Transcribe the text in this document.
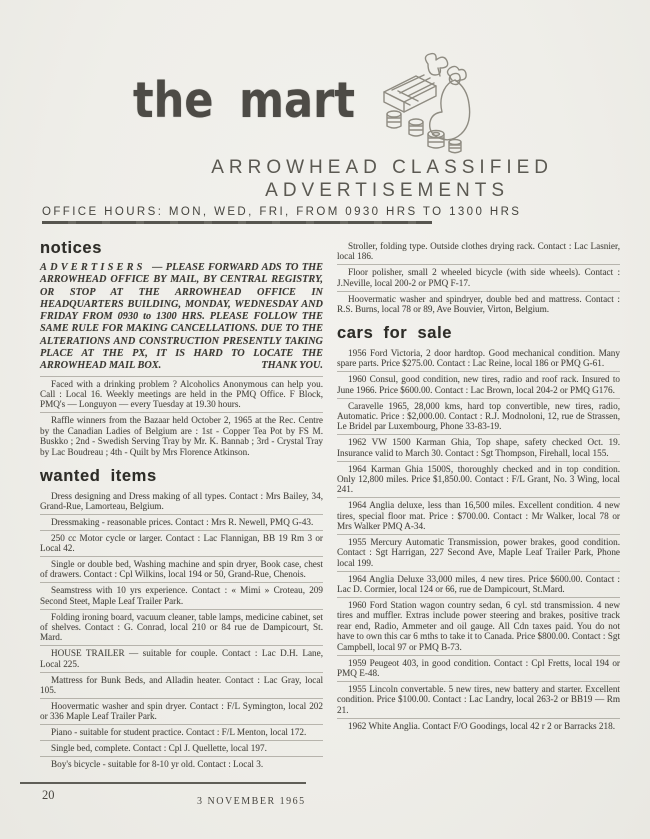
the mart
ARROWHEAD CLASSIFIED
ADVERTISEMENTS
OFFICE HOURS: MON, WED, FRI, FROM 0930 HRS TO 1300 HRS
notices

ADVERTISERS — PLEASE FORWARD ADS TO THE ARROWHEAD OFFICE BY MAIL, BY CENTRAL REGISTRY, OR STOP AT THE ARROWHEAD OFFICE IN HEADQUARTERS BUILDING, MONDAY, WEDNESDAY AND FRIDAY FROM 0930 to 1300 HRS. PLEASE FOLLOW THE SAME RULE FOR MAKING CANCELLATIONS. DUE TO THE ALTERATIONS AND CONSTRUCTION PRESENTLY TAKING PLACE AT THE PX, IT IS HARD TO LOCATE THE ARROWHEAD MAIL BOX.	THANK YOU.

Faced with a drinking problem ? Alcoholics Anonymous can help you. Call : Local 16. Weekly meetings are held in the PMQ Office. F Block, PMQ's — Longuyon — every Tuesday at 19.30 hours.

Raffle winners from the Bazaar held October 2, 1965 at the Rec. Centre by the Canadian Ladies of Belgium are : 1st - Copper Tea Pot by FS M. Buskko ; 2nd - Swedish Serving Tray by Mr. K. Bannab ; 3rd - Crystal Tray by Lac Boudreau ; 4th - Quilt by Mrs Florence Atkinson.

wanted items

Dress designing and Dress making of all types. Contact : Mrs Bailey, 34, Grand-Rue, Lamorteau, Belgium.

Dressmaking - reasonable prices. Contact : Mrs R. Newell, PMQ G-43.

250 cc Motor cycle or larger. Contact : Lac Flannigan, BB 19 Rm 3 or Local 42.

Single or double bed, Washing machine and spin dryer, Book case, chest of drawers. Contact : Cpl Wilkins, local 194 or 50, Grand-Rue, Chenois.

Seamstress with 10 yrs experience. Contact : « Mimi » Croteau, 209 Second Steet, Maple Leaf Trailer Park.

Folding ironing board, vacuum cleaner, table lamps, medicine cabinet, set of shelves. Contact : G. Conrad, local 210 or 84 rue de Dampicourt, St. Mard.

HOUSE TRAILER — suitable for couple. Contact : Lac D.H. Lane, Local 225.

Mattress for Bunk Beds, and Alladin heater. Contact : Lac Gray, local 105.

Hoovermatic washer and spin dryer. Contact : F/L Symington, local 202 or 336 Maple Leaf Trailer Park.

Piano - suitable for student practice. Contact : F/L Menton, local 172.

Single bed, complete. Contact : Cpl J. Quellette, local 197.

Boy's bicycle - suitable for 8-10 yr old. Contact : Local 3.

Stroller, folding type. Outside clothes drying rack. Contact : Lac Lasnier, local 186.

Floor polisher, small 2 wheeled bicycle (with side wheels). Contact : J.Neville, local 200-2 or PMQ F-17.

Hoovermatic washer and spindryer, double bed and mattress. Contact : R.S. Burns, local 78 or 89, Ave Bouvier, Virton, Belgium.

cars for sale

1956 Ford Victoria, 2 door hardtop. Good mechanical condition. Many spare parts. Price $275.00. Contact : Lac Reine, local 186 or PMQ G-61.

1960 Consul, good condition, new tires, radio and roof rack. Insured to June 1966. Price $600.00. Contact : Lac Brown, local 204-2 or PMQ G176.

Caravelle 1965, 28,000 kms, hard top convertible, new tires, radio, Automatic. Price : $2,000.00. Contact : R.J. Modnoloni, 12, rue de Strassen, Le Bridel par Luxembourg, Phone 33-83-19.

1962 VW 1500 Karman Ghia, Top shape, safety checked Oct. 19. Insurance valid to March 30. Contact : Sgt Thompson, Firehall, local 155.

1964 Karman Ghia 1500S, thoroughly checked and in top condition. Only 12,800 miles. Price $1,850.00. Contact : F/L Grant, No. 3 Wing, local 241.

1964 Anglia deluxe, less than 16,500 miles. Excellent condition. 4 new tires, special floor mat. Price : $700.00. Contact : Mr Walker, local 78 or Mrs Walker PMQ A-34.

1955 Mercury Automatic Transmission, power brakes, good condition. Contact : Sgt Harrigan, 227 Second Ave, Maple Leaf Trailer Park, Phone local 199.

1964 Anglia Deluxe 33,000 miles, 4 new tires. Price $600.00. Contact : Lac D. Cormier, local 124 or 66, rue de Dampicourt, St.Mard.

1960 Ford Station wagon country sedan, 6 cyl. std transmission. 4 new tires and muffler. Extras include power steering and brakes, positive track rear end, Radio, Ammeter and oil gauge. All Cdn taxes paid. You do not have to own this car 6 mths to take it to Canada. Price $800.00. Contact : Sgt Campbell, local 97 or PMQ B-73.

1959 Peugeot 403, in good condition. Contact : Cpl Fretts, local 194 or PMQ E-48.

1955 Lincoln convertable. 5 new tires, new battery and starter. Excellent condition. Price $100.00. Contact : Lac Landry, local 263-2 or BB19 — Rm 21.

1962 White Anglia. Contact F/O Goodings, local 42 r 2 or Barracks 218.

20	3 NOVEMBER 1965
